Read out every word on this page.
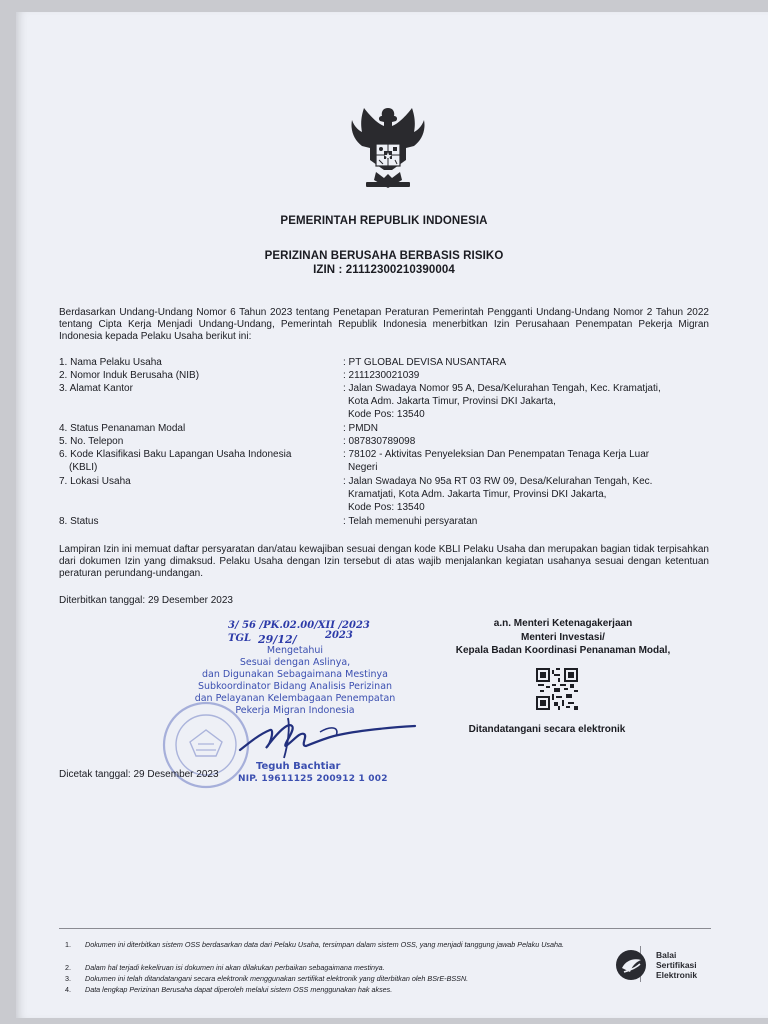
PEMERINTAH REPUBLIK INDONESIA
PERIZINAN BERUSAHA BERBASIS RISIKO
IZIN : 21112300210390004
Berdasarkan Undang-Undang Nomor 6 Tahun 2023 tentang Penetapan Peraturan Pemerintah Pengganti Undang-Undang Nomor 2 Tahun 2022 tentang Cipta Kerja Menjadi Undang-Undang, Pemerintah Republik Indonesia menerbitkan Izin Perusahaan Penempatan Pekerja Migran Indonesia kepada Pelaku Usaha berikut ini:
1. Nama Pelaku Usaha	: PT GLOBAL DEVISA NUSANTARA
2. Nomor Induk Berusaha (NIB)	: 2111230021039
3. Alamat Kantor	: Jalan Swadaya Nomor 95 A, Desa/Kelurahan Tengah, Kec. Kramatjati,
Kota Adm. Jakarta Timur, Provinsi DKI Jakarta,
Kode Pos: 13540
4. Status Penanaman Modal	: PMDN
5. No. Telepon	: 087830789098
6. Kode Klasifikasi Baku Lapangan Usaha Indonesia
(KBLI)
: 78102 - Aktivitas Penyeleksian Dan Penempatan Tenaga Kerja Luar
Negeri
7. Lokasi Usaha	: Jalan Swadaya No 95a RT 03 RW 09, Desa/Kelurahan Tengah, Kec.
Kramatjati, Kota Adm. Jakarta Timur, Provinsi DKI Jakarta,
Kode Pos: 13540
8. Status	: Telah memenuhi persyaratan
Lampiran Izin ini memuat daftar persyaratan dan/atau kewajiban sesuai dengan kode KBLI Pelaku Usaha dan merupakan bagian tidak terpisahkan dari dokumen Izin yang dimaksud. Pelaku Usaha dengan Izin tersebut di atas wajib menjalankan kegiatan usahanya sesuai dengan ketentuan peraturan perundang-undangan.
Diterbitkan tanggal: 29 Desember 2023
3/ 56 /PK.02.00/XII /2023
TGL 29/12/	2023
Mengetahui
Sesuai dengan Aslinya,
dan Digunakan Sebagaimana Mestinya
Subkoordinator Bidang Analisis Perizinan
dan Pelayanan Kelembagaan Penempatan
Pekerja Migran Indonesia
Teguh Bachtiar
NIP. 19611125 200912 1 002
Dicetak tanggal: 29 Desember 2023
a.n. Menteri Ketenagakerjaan
Menteri Investasi/
Kepala Badan Koordinasi Penanaman Modal,
Ditandatangani secara elektronik
1. Dokumen ini diterbitkan sistem OSS berdasarkan data dari Pelaku Usaha, tersimpan dalam sistem OSS, yang menjadi tanggung jawab Pelaku Usaha.
2. Dalam hal terjadi kekeliruan isi dokumen ini akan dilakukan perbaikan sebagaimana mestinya.
3. Dokumen ini telah ditandatangani secara elektronik menggunakan sertifikat elektronik yang diterbitkan oleh BSrE-BSSN.
4. Data lengkap Perizinan Berusaha dapat diperoleh melalui sistem OSS menggunakan hak akses.
Balai
Sertifikasi
Elektronik
